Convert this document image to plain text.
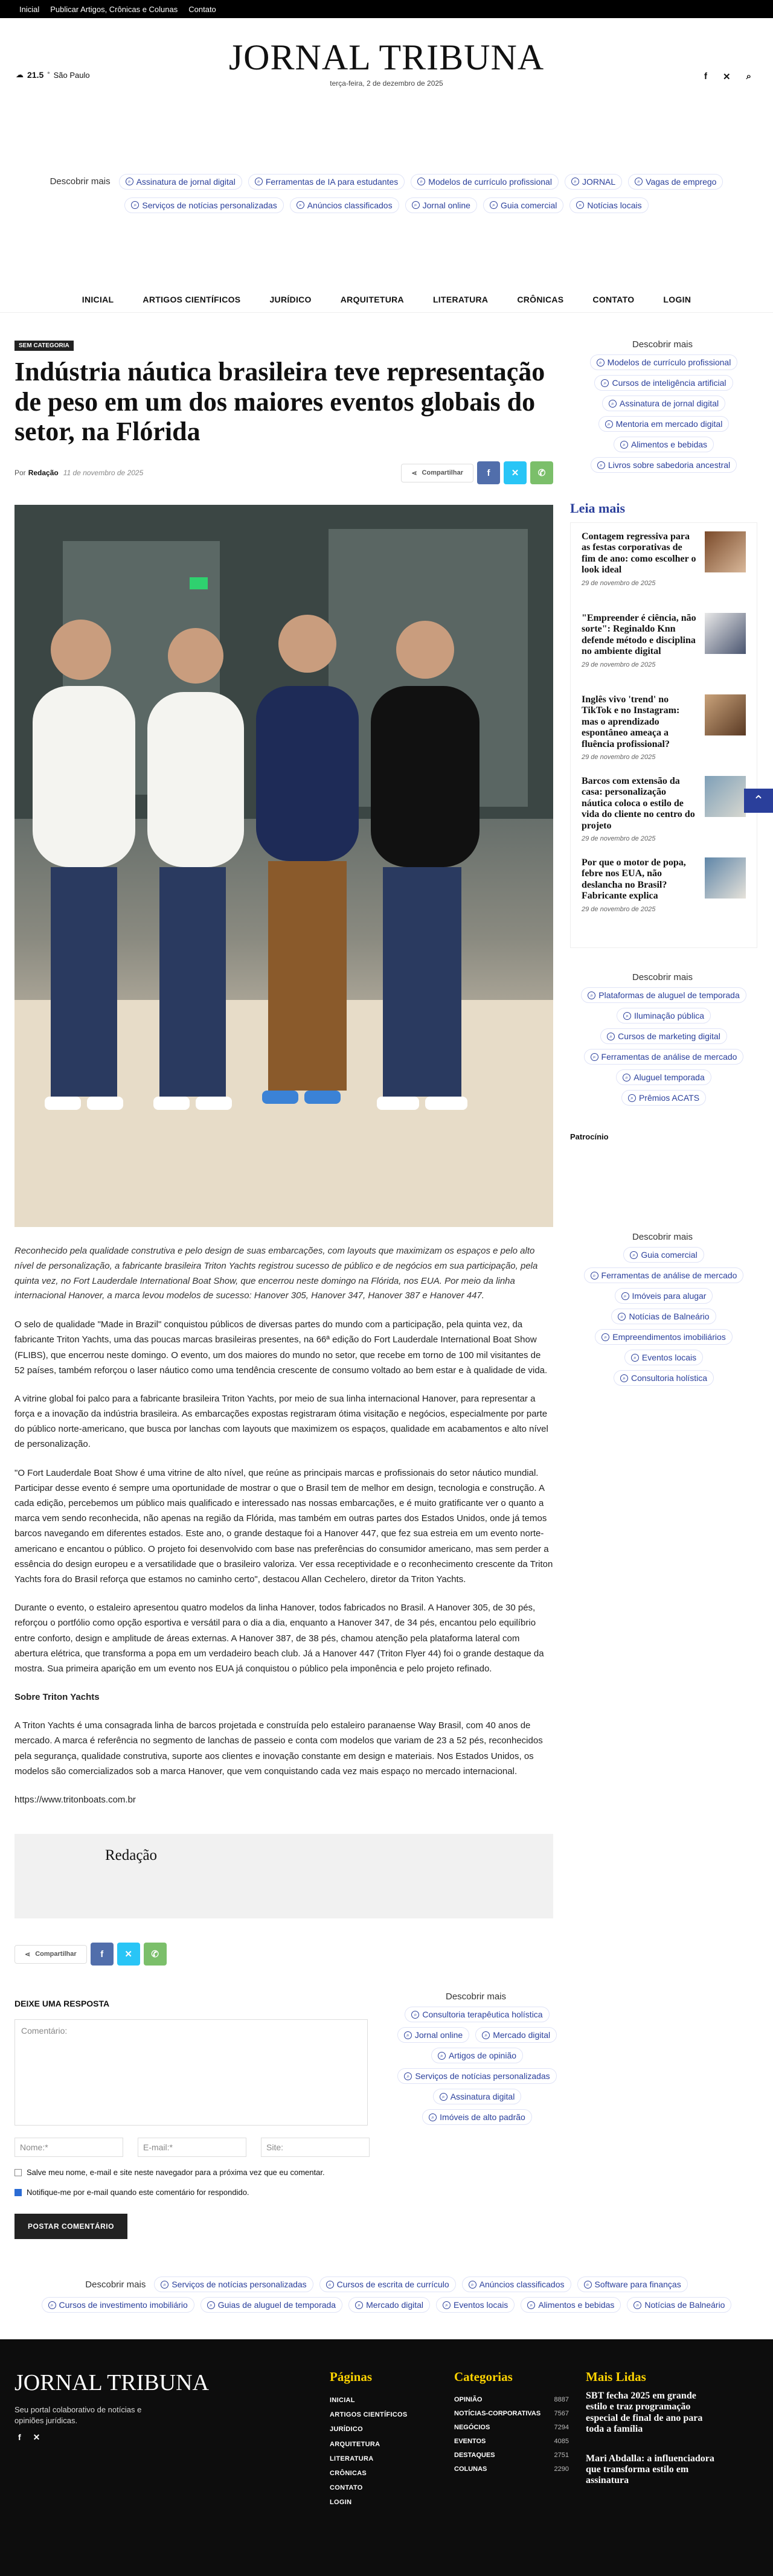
Inicial Publicar Artigos, Crônicas e Colunas Contato
☁ 21.5 ° São Paulo	JORNAL TRIBUNA
terça-feira, 2 de dezembro de 2025
f ✕ ⌕
Descobrir mais	⌕ Assinatura de jornal digital	⌕ Ferramentas de IA para estudantes	⌕ Modelos de currículo profissional	⌕ JORNAL	⌕ Vagas de emprego
⌕ Serviços de notícias personalizadas	⌕ Anúncios classificados	⌕ Jornal online	⌕ Guia comercial	⌕ Notícias locais
INICIAL	ARTIGOS CIENTÍFICOS	JURÍDICO	ARQUITETURA	LITERATURA	CRÔNICAS	CONTATO	LOGIN
SEM CATEGORIA
Indústria náutica brasileira teve representação de peso em um dos maiores eventos globais do setor, na Flórida
Por Redação 11 de novembro de 2025	⋖ Compartilhar	f	✕	✆

Reconhecido pela qualidade construtiva e pelo design de suas embarcações, com layouts que maximizam os espaços e pelo alto nível de personalização, a fabricante brasileira Triton Yachts registrou sucesso de público e de negócios em sua participação, pela quinta vez, no Fort Lauderdale International Boat Show, que encerrou neste domingo na Flórida, nos EUA. Por meio da linha internacional Hanover, a marca levou modelos de sucesso: Hanover 305, Hanover 347, Hanover 387 e Hanover 447.

O selo de qualidade "Made in Brazil" conquistou públicos de diversas partes do mundo com a participação, pela quinta vez, da fabricante Triton Yachts, uma das poucas marcas brasileiras presentes, na 66ª edição do Fort Lauderdale International Boat Show (FLIBS), que encerrou neste domingo. O evento, um dos maiores do mundo no setor, que recebe em torno de 100 mil visitantes de 52 países, também reforçou o laser náutico como uma tendência crescente de consumo voltado ao bem estar e à qualidade de vida.

A vitrine global foi palco para a fabricante brasileira Triton Yachts, por meio de sua linha internacional Hanover, para representar a força e a inovação da indústria brasileira. As embarcações expostas registraram ótima visitação e negócios, especialmente por parte do público norte-americano, que busca por lanchas com layouts que maximizem os espaços, qualidade em acabamentos e alto nível de personalização.

"O Fort Lauderdale Boat Show é uma vitrine de alto nível, que reúne as principais marcas e profissionais do setor náutico mundial. Participar desse evento é sempre uma oportunidade de mostrar o que o Brasil tem de melhor em design, tecnologia e construção. A cada edição, percebemos um público mais qualificado e interessado nas nossas embarcações, e é muito gratificante ver o quanto a marca vem sendo reconhecida, não apenas na região da Flórida, mas também em outras partes dos Estados Unidos, onde já temos barcos navegando em diferentes estados. Este ano, o grande destaque foi a Hanover 447, que fez sua estreia em um evento norte-americano e encantou o público. O projeto foi desenvolvido com base nas preferências do consumidor americano, mas sem perder a essência do design europeu e a versatilidade que o brasileiro valoriza. Ver essa receptividade e o reconhecimento crescente da Triton Yachts fora do Brasil reforça que estamos no caminho certo", destacou Allan Cechelero, diretor da Triton Yachts.

Durante o evento, o estaleiro apresentou quatro modelos da linha Hanover, todos fabricados no Brasil. A Hanover 305, de 30 pés, reforçou o portfólio como opção esportiva e versátil para o dia a dia, enquanto a Hanover 347, de 34 pés, encantou pelo equilíbrio entre conforto, design e amplitude de áreas externas. A Hanover 387, de 38 pés, chamou atenção pela plataforma lateral com abertura elétrica, que transforma a popa em um verdadeiro beach club. Já a Hanover 447 (Triton Flyer 44) foi o grande destaque da mostra. Sua primeira aparição em um evento nos EUA já conquistou o público pela imponência e pelo projeto refinado.

Sobre Triton Yachts

A Triton Yachts é uma consagrada linha de barcos projetada e construída pelo estaleiro paranaense Way Brasil, com 40 anos de mercado. A marca é referência no segmento de lanchas de passeio e conta com modelos que variam de 23 a 52 pés, reconhecidos pela segurança, qualidade construtiva, suporte aos clientes e inovação constante em design e materiais. Nos Estados Unidos, os modelos são comercializados sob a marca Hanover, que vem conquistando cada vez mais espaço no mercado internacional.

https://www.tritonboats.com.br

Redação
⋖ Compartilhar	f	✕	✆
Descobrir mais
⌕ Modelos de currículo profissional
⌕ Cursos de inteligência artificial
⌕ Assinatura de jornal digital
⌕ Mentoria em mercado digital
⌕ Alimentos e bebidas
⌕ Livros sobre sabedoria ancestral
Leia mais
Contagem regressiva para as festas corporativas de fim de ano: como escolher o look ideal
29 de novembro de 2025
"Empreender é ciência, não sorte": Reginaldo Knn defende método e disciplina no ambiente digital
29 de novembro de 2025
Inglês vivo 'trend' no TikTok e no Instagram: mas o aprendizado espontâneo ameaça a fluência profissional?
29 de novembro de 2025
Barcos com extensão da casa: personalização náutica coloca o estilo de vida do cliente no centro do projeto
29 de novembro de 2025
Por que o motor de popa, febre nos EUA, não deslancha no Brasil? Fabricante explica
29 de novembro de 2025
Descobrir mais
⌕ Plataformas de aluguel de temporada
⌕ Iluminação pública
⌕ Cursos de marketing digital
⌕ Ferramentas de análise de mercado
⌕ Aluguel temporada
⌕ Prêmios ACATS
Patrocínio
Descobrir mais
⌕ Guia comercial
⌕ Ferramentas de análise de mercado
⌕ Imóveis para alugar
⌕ Notícias de Balneário
⌕ Empreendimentos imobiliários
⌕ Eventos locais
⌕ Consultoria holística
⌃
Descobrir mais
⌕ Consultoria terapêutica holística
⌕ Jornal online	⌕ Mercado digital
⌕ Artigos de opinião
⌕ Serviços de notícias personalizadas
⌕ Assinatura digital
⌕ Imóveis de alto padrão
DEIXE UMA RESPOSTA
Comentário:
Nome:*	E-mail:*	Site:
Salve meu nome, e-mail e site neste navegador para a próxima vez que eu comentar.
Notifique-me por e-mail quando este comentário for respondido.
POSTAR COMENTÁRIO
Descobrir mais	⌕ Serviços de notícias personalizadas	⌕ Cursos de escrita de currículo	⌕ Anúncios classificados	⌕ Software para finanças
⌕ Cursos de investimento imobiliário	⌕ Guias de aluguel de temporada	⌕ Mercado digital	⌕ Eventos locais	⌕ Alimentos e bebidas	⌕ Notícias de Balneário
JORNAL TRIBUNA
Seu portal colaborativo de notícias e opiniões jurídicas.
f ✕
Páginas
INICIAL
ARTIGOS CIENTÍFICOS
JURÍDICO
ARQUITETURA
LITERATURA
CRÔNICAS
CONTATO
LOGIN
Categorias
OPINIÃO	8887
NOTÍCIAS-CORPORATIVAS 7567
NEGÓCIOS	7294
EVENTOS	4085
DESTAQUES	2751
COLUNAS	2290
Mais Lidas
SBT fecha 2025 em grande estilo e traz programação especial de final de ano para toda a família
Mari Abdalla: a influenciadora que transforma estilo em assinatura
